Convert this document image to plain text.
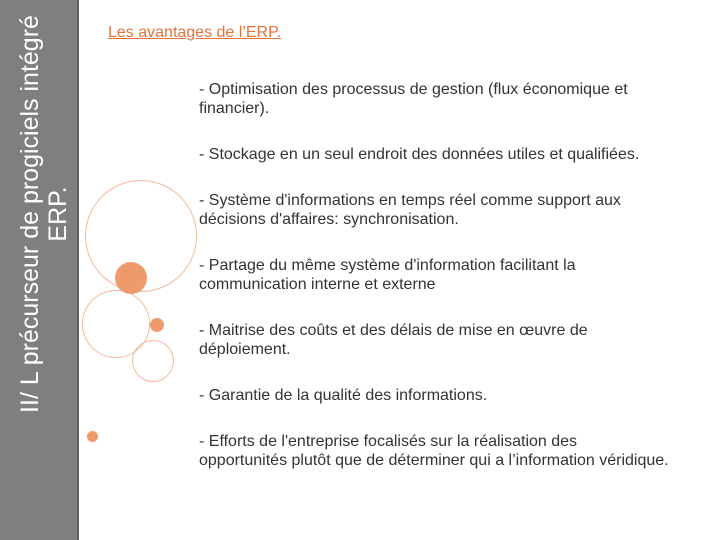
II/ L précurseur de progiciels intégré ERP.
Les avantages de l’ERP.
- Optimisation des processus de gestion (flux économique et financier).
- Stockage en un seul endroit des données utiles et qualifiées.
- Système d'informations en temps réel comme support aux décisions d'affaires: synchronisation.
- Partage du même système d'information facilitant la communication interne et externe
- Maitrise des coûts et des délais de mise en œuvre de déploiement.
- Garantie de la qualité des informations.
- Efforts de l'entreprise focalisés sur la réalisation des opportunités plutôt que de déterminer qui a l’information véridique.
